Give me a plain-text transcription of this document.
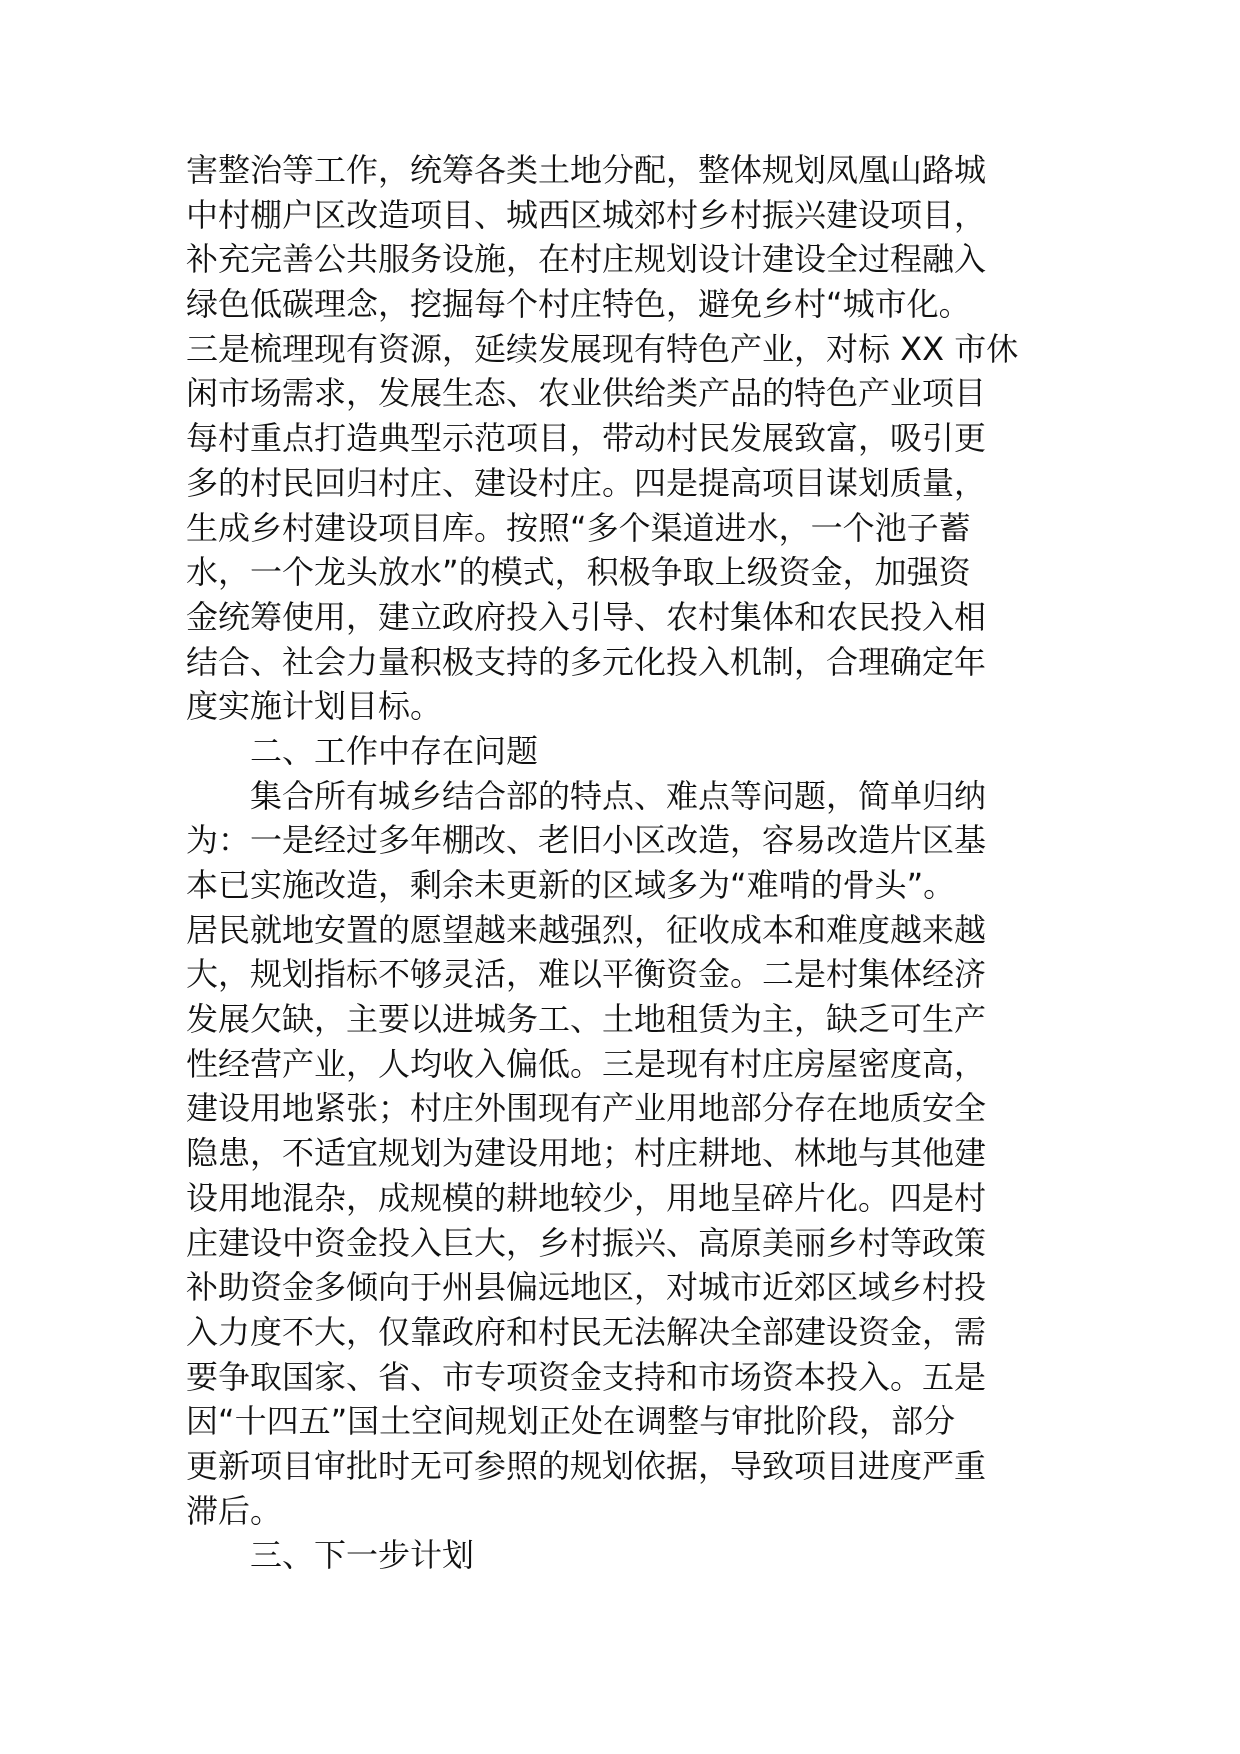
害整治等工作，统筹各类土地分配，整体规划凤凰山路城
中村棚户区改造项目、城西区城郊村乡村振兴建设项目，
补充完善公共服务设施，在村庄规划设计建设全过程融入
绿色低碳理念，挖掘每个村庄特色，避免乡村“城市化。
三是梳理现有资源，延续发展现有特色产业，对标 XX 市休
闲市场需求，发展生态、农业供给类产品的特色产业项目
每村重点打造典型示范项目，带动村民发展致富，吸引更
多的村民回归村庄、建设村庄。四是提高项目谋划质量，
生成乡村建设项目库。按照“多个渠道进水，一个池子蓄
水，一个龙头放水”的模式，积极争取上级资金，加强资
金统筹使用，建立政府投入引导、农村集体和农民投入相
结合、社会力量积极支持的多元化投入机制，合理确定年
度实施计划目标。
二、工作中存在问题
集合所有城乡结合部的特点、难点等问题，简单归纳
为：一是经过多年棚改、老旧小区改造，容易改造片区基
本已实施改造，剩余未更新的区域多为“难啃的骨头”。
居民就地安置的愿望越来越强烈，征收成本和难度越来越
大，规划指标不够灵活，难以平衡资金。二是村集体经济
发展欠缺，主要以进城务工、土地租赁为主，缺乏可生产
性经营产业，人均收入偏低。三是现有村庄房屋密度高，
建设用地紧张；村庄外围现有产业用地部分存在地质安全
隐患，不适宜规划为建设用地；村庄耕地、林地与其他建
设用地混杂，成规模的耕地较少，用地呈碎片化。四是村
庄建设中资金投入巨大，乡村振兴、高原美丽乡村等政策
补助资金多倾向于州县偏远地区，对城市近郊区域乡村投
入力度不大，仅靠政府和村民无法解决全部建设资金，需
要争取国家、省、市专项资金支持和市场资本投入。五是
因“十四五”国土空间规划正处在调整与审批阶段，部分
更新项目审批时无可参照的规划依据，导致项目进度严重
滞后。
三、下一步计划
